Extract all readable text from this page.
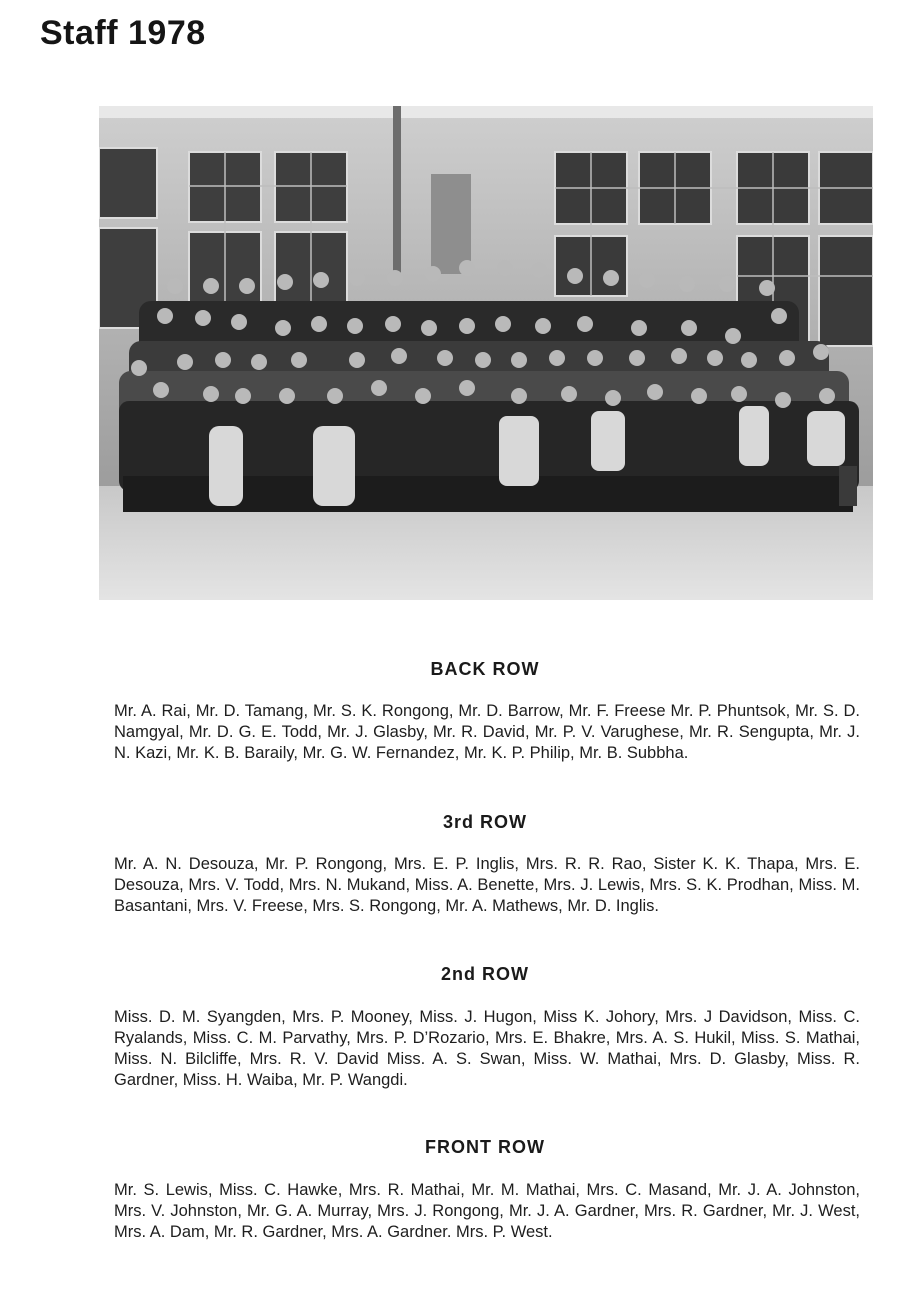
Staff 1978
BACK ROW

Mr. A. Rai, Mr. D. Tamang, Mr. S. K. Rongong, Mr. D. Barrow, Mr. F. Freese Mr. P. Phuntsok, Mr. S. D. Namgyal, Mr. D. G. E. Todd, Mr. J. Glasby, Mr. R. David, Mr. P. V. Varughese, Mr. R. Sengupta, Mr. J. N. Kazi, Mr. K. B. Baraily, Mr. G. W. Fernandez, Mr. K. P. Philip, Mr. B. Subbha.

3rd ROW

Mr. A. N. Desouza, Mr. P. Rongong, Mrs. E. P. Inglis, Mrs. R. R. Rao, Sister K. K. Thapa, Mrs. E. Desouza, Mrs. V. Todd, Mrs. N. Mukand, Miss. A. Benette, Mrs. J. Lewis, Mrs. S. K. Prodhan, Miss. M. Basantani, Mrs. V. Freese, Mrs. S. Rongong, Mr. A. Mathews, Mr. D. Inglis.

2nd ROW

Miss. D. M. Syangden, Mrs. P. Mooney, Miss. J. Hugon, Miss K. Johory, Mrs. J Davidson, Miss. C. Ryalands, Miss. C. M. Parvathy, Mrs. P. D’Rozario, Mrs. E. Bhakre, Mrs. A. S. Hukil, Miss. S. Mathai, Miss. N. Bilcliffe, Mrs. R. V. David Miss. A. S. Swan, Miss. W. Mathai, Mrs. D. Glasby, Miss. R. Gardner, Miss. H. Waiba, Mr. P. Wangdi.

FRONT ROW

Mr. S. Lewis, Miss. C. Hawke, Mrs. R. Mathai, Mr. M. Mathai, Mrs. C. Masand, Mr. J. A. Johnston, Mrs. V. Johnston, Mr. G. A. Murray, Mrs. J. Rongong, Mr. J. A. Gardner, Mrs. R. Gardner, Mr. J. West, Mrs. A. Dam, Mr. R. Gardner, Mrs. A. Gardner. Mrs. P. West.
